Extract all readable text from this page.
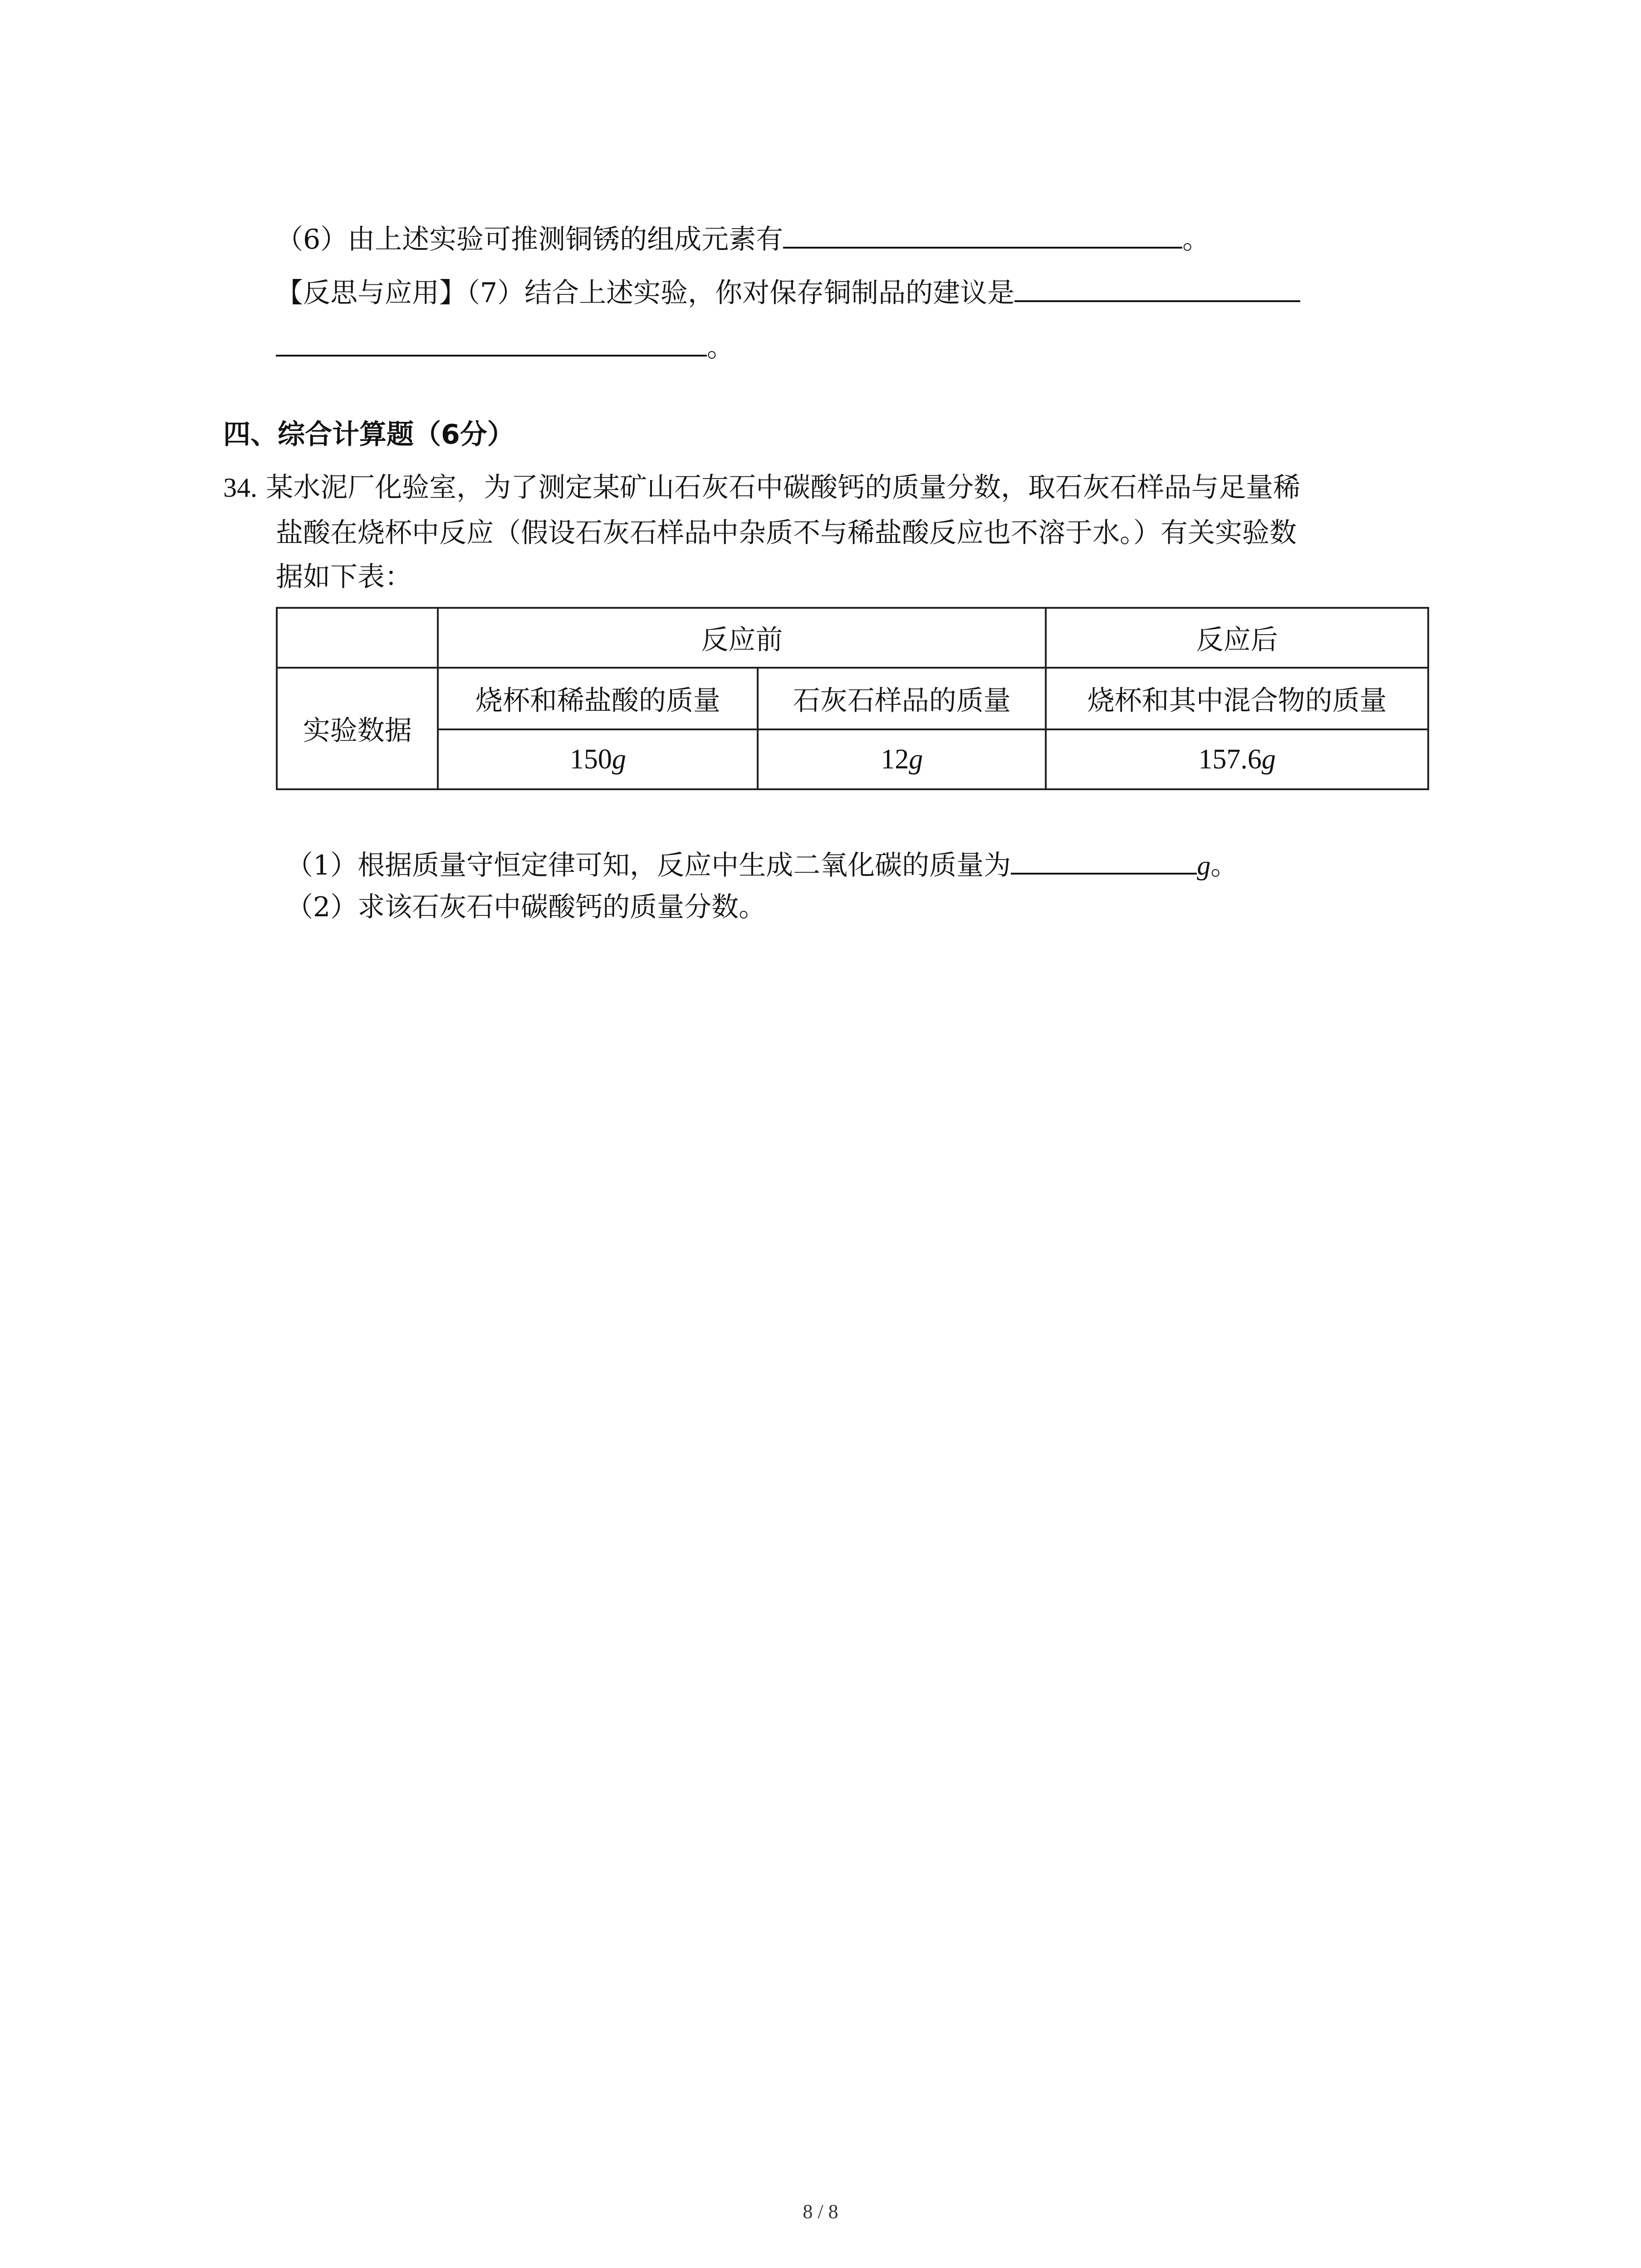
（6）由上述实验可推测铜锈的组成元素有	。
【反思与应用】（7）结合上述实验，你对保存铜制品的建议是
。
四、综合计算题（6分）
34. 某水泥厂化验室，为了测定某矿山石灰石中碳酸钙的质量分数，取石灰石样品与足量稀
盐酸在烧杯中反应（假设石灰石样品中杂质不与稀盐酸反应也不溶于水。）有关实验数
据如下表：
	反应前		反应后
实验数据	烧杯和稀盐酸的质量	石灰石样品的质量	烧杯和其中混合物的质量
	150g	12g	157.6g
（1）根据质量守恒定律可知，反应中生成二氧化碳的质量为	g。
（2）求该石灰石中碳酸钙的质量分数。
8 / 8
